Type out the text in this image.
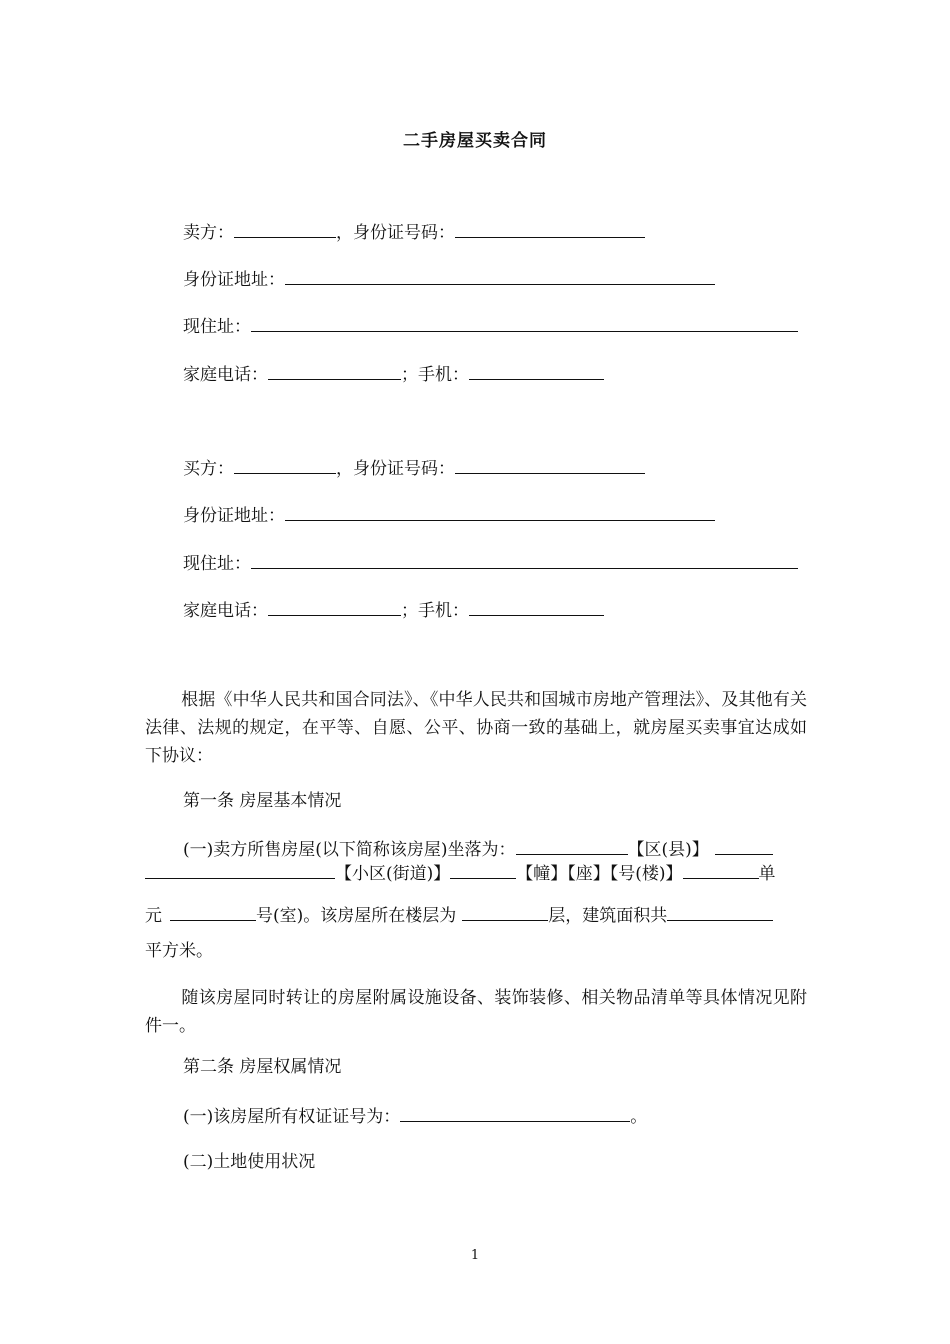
二手房屋买卖合同
卖方：	，身份证号码：
身份证地址：
现住址：
家庭电话：	；手机：
买方：	，身份证号码：
身份证地址：
现住址：
家庭电话：	；手机：
根据《中华人民共和国合同法》、《中华人民共和国城市房地产管理法》、及其他有关法律、法规的规定，在平等、自愿、公平、协商一致的基础上，就房屋买卖事宜达成如下协议：
第一条 房屋基本情况
(一)卖方所售房屋(以下简称该房屋)坐落为：	【区(县)】
【小区(街道)】	【幢】【座】【号(楼)】	单
元	号(室)。该房屋所在楼层为	层，建筑面积共
平方米。
随该房屋同时转让的房屋附属设施设备、装饰装修、相关物品清单等具体情况见附件一。
第二条 房屋权属情况
(一)该房屋所有权证证号为：	。
(二)土地使用状况
1
